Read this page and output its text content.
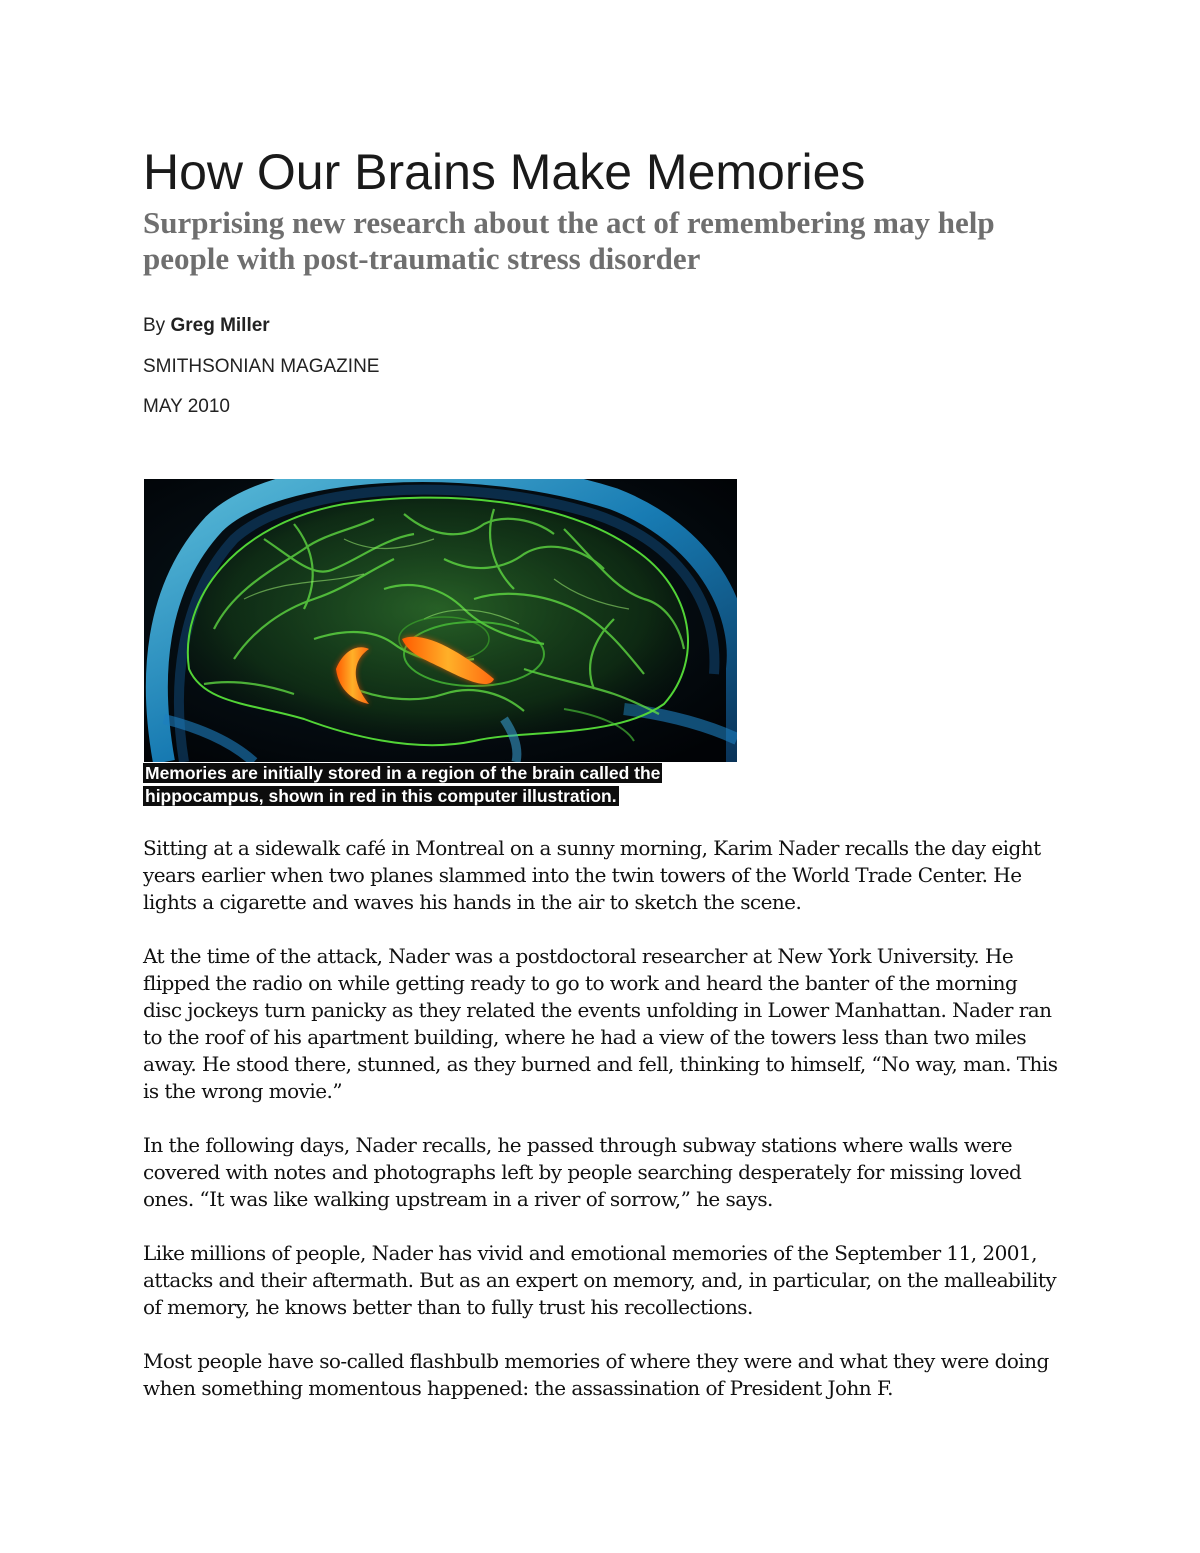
How Our Brains Make Memories
Surprising new research about the act of remembering may help people with post-traumatic stress disorder
By Greg Miller
SMITHSONIAN MAGAZINE
MAY 2010
Memories are initially stored in a region of the brain called the hippocampus, shown in red in this computer illustration.

Sitting at a sidewalk café in Montreal on a sunny morning, Karim Nader recalls the day eight years earlier when two planes slammed into the twin towers of the World Trade Center. He lights a cigarette and waves his hands in the air to sketch the scene.

At the time of the attack, Nader was a postdoctoral researcher at New York University. He flipped the radio on while getting ready to go to work and heard the banter of the morning disc jockeys turn panicky as they related the events unfolding in Lower Manhattan. Nader ran to the roof of his apartment building, where he had a view of the towers less than two miles away. He stood there, stunned, as they burned and fell, thinking to himself, “No way, man. This is the wrong movie.”

In the following days, Nader recalls, he passed through subway stations where walls were covered with notes and photographs left by people searching desperately for missing loved ones. “It was like walking upstream in a river of sorrow,” he says.

Like millions of people, Nader has vivid and emotional memories of the September 11, 2001, attacks and their aftermath. But as an expert on memory, and, in particular, on the malleability of memory, he knows better than to fully trust his recollections.

Most people have so-called flashbulb memories of where they were and what they were doing when something momentous happened: the assassination of President John F.
